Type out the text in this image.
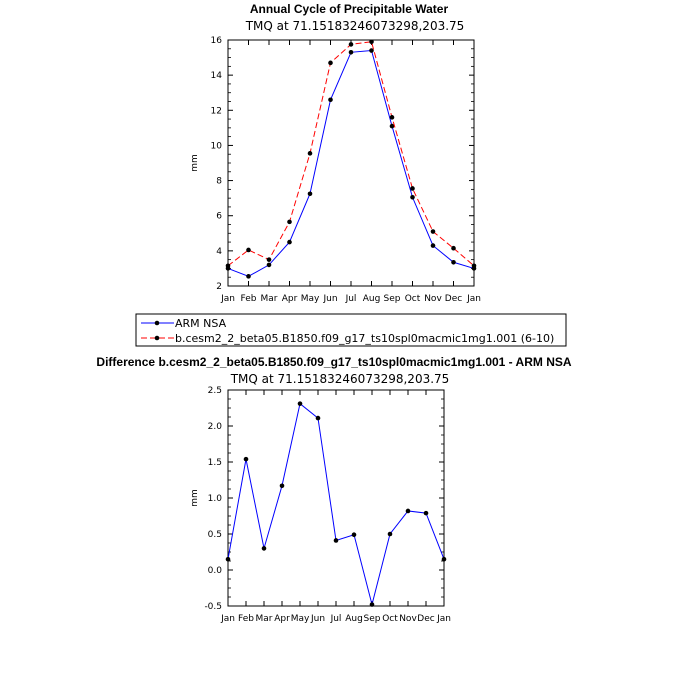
Annual Cycle of Precipitable Water
TMQ at 71.15183246073298,203.75
2
4
6
8
10
12
14
16
Jan Feb Mar Apr May Jun Jul Aug Sep Oct Nov Dec Jan
mm
ARM NSA
b.cesm2_2_beta05.B1850.f09_g17_ts10spl0macmic1mg1.001 (6-10)
Difference b.cesm2_2_beta05.B1850.f09_g17_ts10spl0macmic1mg1.001 - ARM NSA
TMQ at 71.15183246073298,203.75
-0.5
0.0
0.5
1.0
1.5
2.0
2.5
Jan Feb Mar Apr May Jun Jul Aug Sep Oct Nov Dec Jan
mm
